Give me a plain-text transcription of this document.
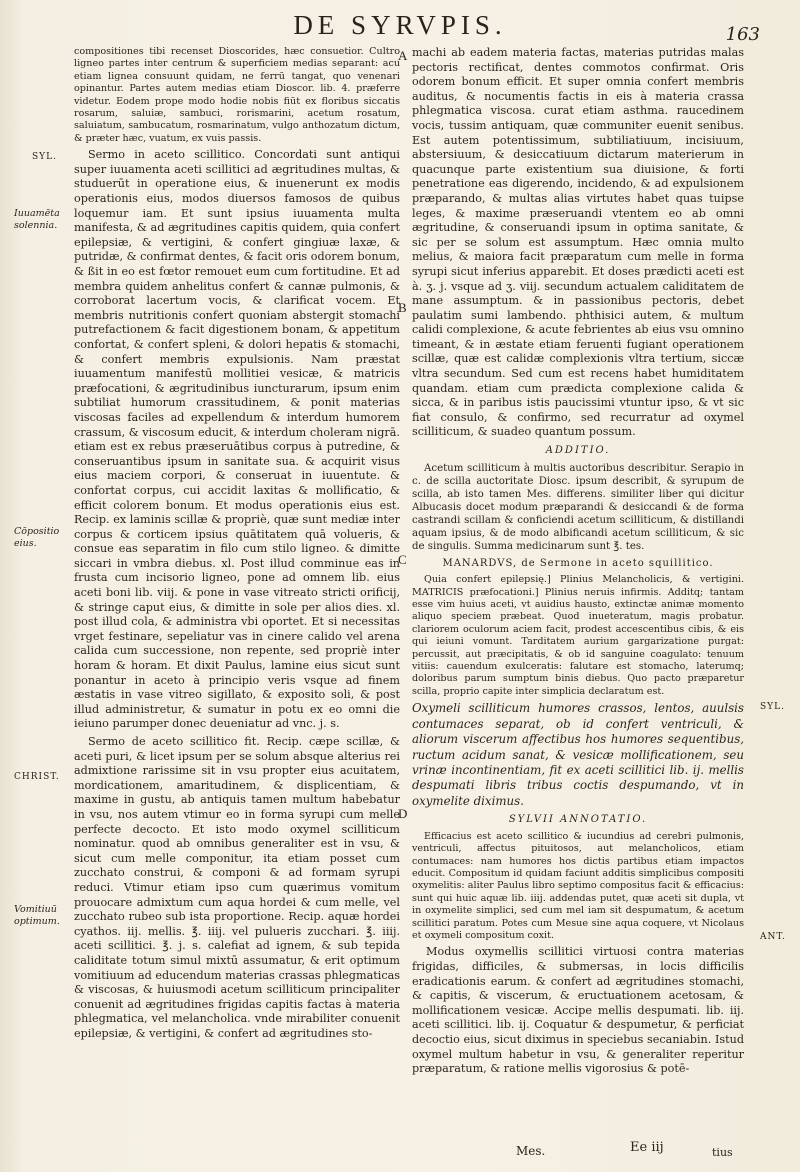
DE SYRVPIS.	163
SYL.
Iuuamēta solennia.
Cōpositio eius.
CHRIST.
Vomitiuū optimum.
SYL.
ANT.
A
B
C
D

compositiones tibi recenset Dioscorides, hæc consuetior. Cultro ligneo partes inter centrum & superficiem medias separant: acu etiam lignea consuunt quidam, ne ferrū tangat, quo venenari opinantur. Partes autem medias etiam Dioscor. lib. 4. præferre videtur. Eodem prope modo hodie nobis fiūt ex floribus siccatis rosarum, saluiæ, sambuci, rorismarini, acetum rosatum, saluiatum, sambucatum, rosmarinatum, vulgo anthozatum dictum, & præter hæc, vuatum, ex vuis passis.

Sermo in aceto scillitico. Concordati sunt antiqui super iuuamenta aceti scillitici ad ægritudines multas, & studuerūt in operatione eius, & inuenerunt ex modis operationis eius, modos diuersos famosos de quibus loquemur iam. Et sunt ipsius iuuamenta multa manifesta, & ad ægritudines capitis quidem, quia confert epilepsiæ, & vertigini, & confert gingiuæ laxæ, & putridæ, & confirmat dentes, & facit oris odorem bonum, & ßit in eo est fœtor remouet eum cum fortitudine. Et ad membra quidem anhelitus confert & cannæ pulmonis, & corroborat lacertum vocis, & clarificat vocem. Et membris nutritionis confert quoniam abstergit stomachi putrefactionem & facit digestionem bonam, & appetitum confortat, & confert spleni, & dolori hepatis & stomachi, & confert membris expulsionis. Nam præstat iuuamentum manifestū mollitiei vesicæ, & matricis præfocationi, & ægritudinibus iuncturarum, ipsum enim subtiliat humorum crassitudinem, & ponit materias viscosas faciles ad expellendum & interdum humorem crassum, & viscosum educit, & interdum choleram nigrā. etiam est ex rebus præseruātibus corpus à putredine, & conseruantibus ipsum in sanitate sua. & acquirit visus eius maciem corpori, & conseruat in iuuentute. & confortat corpus, cui accidit laxitas & mollificatio, & efficit colorem bonum. Et modus operationis eius est. Recip. ex laminis scillæ & propriè, quæ sunt mediæ inter corpus & corticem ipsius quātitatem quā volueris, & consue eas separatim in filo cum stilo ligneo. & dimitte siccari in vmbra diebus. xl. Post illud comminue eas in frusta cum incisorio ligneo, pone ad omnem lib. eius aceti boni lib. viij. & pone in vase vitreato stricti orificij, & stringe caput eius, & dimitte in sole per alios dies. xl. post illud cola, & administra vbi oportet. Et si necessitas vrget festinare, sepeliatur vas in cinere calido vel arena calida cum successione, non repente, sed propriè inter horam & horam. Et dixit Paulus, lamine eius sicut sunt ponantur in aceto à principio veris vsque ad finem æstatis in vase vitreo sigillato, & exposito soli, & post illud administretur, & sumatur in potu ex eo omni die ieiuno parumper donec deueniatur ad vnc. j. s.

Sermo de aceto scillitico fit. Recip. cæpe scillæ, & aceti puri, & licet ipsum per se solum absque alterius rei admixtione rarissime sit in vsu propter eius acuitatem, mordicationem, amaritudinem, & displicentiam, & maxime in gustu, ab antiquis tamen multum habebatur in vsu, nos autem vtimur eo in forma syrupi cum melle perfecte decocto. Et isto modo oxymel scilliticum nominatur. quod ab omnibus generaliter est in vsu, & sicut cum melle componitur, ita etiam posset cum zucchato construi, & componi & ad formam syrupi reduci. Vtimur etiam ipso cum quærimus vomitum prouocare admixtum cum aqua hordei & cum melle, vel zucchato rubeo sub ista proportione. Recip. aquæ hordei cyathos. iij. mellis. ℥. iiij. vel pulueris zucchari. ℥. iiij. aceti scillitici. ℥. j. s. calefiat ad ignem, & sub tepida caliditate totum simul mixtū assumatur, & erit optimum vomitiuum ad educendum materias crassas phlegmaticas & viscosas, & huiusmodi acetum scilliticum principaliter conuenit ad ægritudines frigidas capitis factas à materia phlegmatica, vel melancholica. vnde mirabiliter conuenit epilepsiæ, & vertigini, & confert ad ægritudines sto-

machi ab eadem materia factas, materias putridas malas pectoris rectificat, dentes commotos confirmat. Oris odorem bonum efficit. Et super omnia confert membris auditus, & nocumentis factis in eis à materia crassa phlegmatica viscosa. curat etiam asthma. raucedinem vocis, tussim antiquam, quæ communiter euenit senibus. Est autem potentissimum, subtiliatiuum, incisiuum, abstersiuum, & desiccatiuum dictarum materierum in quacunque parte existentium sua diuisione, & forti penetratione eas digerendo, incidendo, & ad expulsionem præparando, & multas alias virtutes habet quas tuipse leges, & maxime præseruandi vtentem eo ab omni ægritudine, & conseruandi ipsum in optima sanitate, & sic per se solum est assumptum. Hæc omnia multo melius, & maiora facit præparatum cum melle in forma syrupi sicut inferius apparebit. Et doses prædicti aceti est à. ʒ. j. vsque ad ʒ. viij. secundum actualem caliditatem de mane assumptum. & in passionibus pectoris, debet paulatim sumi lambendo. phthisici autem, & multum calidi complexione, & acute febrientes ab eius vsu omnino timeant, & in æstate etiam feruenti fugiant operationem scillæ, quæ est calidæ complexionis vltra tertium, siccæ vltra secundum. Sed cum est recens habet humiditatem quandam. etiam cum prædicta complexione calida & sicca, & in paribus istis paucissimi vtuntur ipso, & vt sic fiat consulo, & confirmo, sed recurratur ad oxymel scilliticum, & suadeo quantum possum.

ADDITIO.

Acetum scilliticum à multis auctoribus describitur. Serapio in c. de scilla auctoritate Diosc. ipsum describit, & syrupum de scilla, ab isto tamen Mes. differens. similiter liber qui dicitur Albucasis docet modum præparandi & desiccandi & de forma castrandi scillam & conficiendi acetum scilliticum, & distillandi aquam ipsius, & de modo albificandi acetum scilliticum, & sic de singulis. Summa medicinarum sunt ℥. tes.

MANARDVS, de Sermone in aceto squillitico.

Quia confert epilepsię.] Plinius Melancholicis, & vertigini. MATRICIS præfocationi.] Plinius neruis infirmis. Additq; tantam esse vim huius aceti, vt auidius hausto, extinctæ animæ momento aliquo speciem præbeat. Quod inueteratum, magis probatur. clariorem oculorum aciem facit, prodest accescentibus cibis, & eis qui ieiuni vomunt. Tarditatem aurium gargarizatione purgat: percussit, aut præcipitatis, & ob id sanguine coagulato: tenuum vitiis: cauendum exulceratis: falutare est stomacho, laterumq; doloribus parum sumptum binis diebus. Quo pacto præparetur scilla, proprio capite inter simplicia declaratum est.

Oxymeli scilliticum humores crassos, lentos, auulsis contumaces separat, ob id confert ventriculi, & aliorum viscerum affectibus hos humores sequentibus, ructum acidum sanat, & vesicæ mollificationem, seu vrinæ incontinentiam, fit ex aceti scillitici lib. ij. mellis despumati libris tribus coctis despumando, vt in oxymelite diximus.

SYLVII ANNOTATIO.

Efficacius est aceto scillitico & iucundius ad cerebri pulmonis, ventriculi, affectus pituitosos, aut melancholicos, etiam contumaces: nam humores hos dictis partibus etiam impactos educit. Compositum id quidam faciunt additis simplicibus compositi oxymelitis: aliter Paulus libro septimo compositus facit & efficacius: sunt qui huic aquæ lib. iiij. addendas putet, quæ aceti sit dupla, vt in oxymelite simplici, sed cum mel iam sit despumatum, & acetum scillitici paratum. Potes cum Mesue sine aqua coquere, vt Nicolaus et oxymeli compositum coxit.

Modus oxymellis scillitici virtuosi contra materias frigidas, difficiles, & submersas, in locis difficilis eradicationis earum. & confert ad ægritudines stomachi, & capitis, & viscerum, & eructuationem acetosam, & mollificationem vesicæ. Accipe mellis despumati. lib. iij. aceti scillitici. lib. ij. Coquatur & despumetur, & perficiat decoctio eius, sicut diximus in speciebus secaniabin. Istud oxymel multum habetur in vsu, & generaliter reperitur præparatum, & ratione mellis vigorosius & potē-

Mes.	Ee iij	tius
